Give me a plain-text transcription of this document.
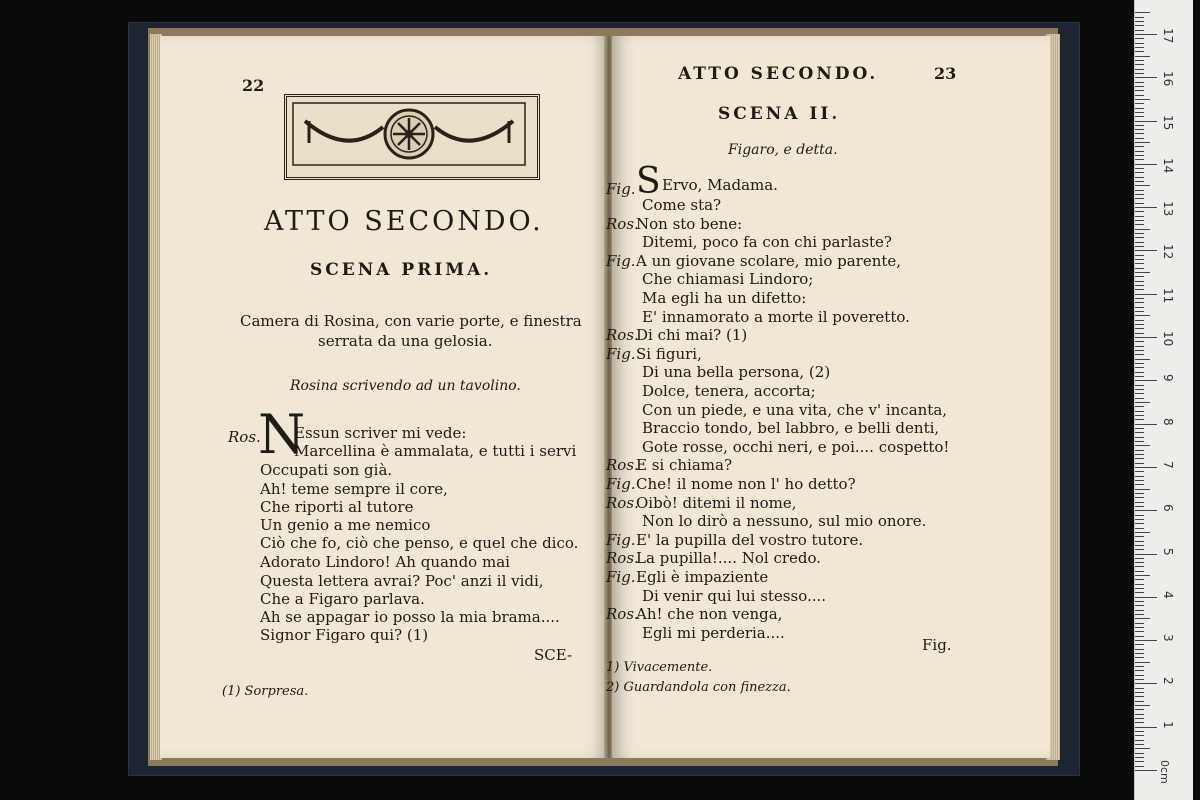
22
ATTO SECONDO.
SCENA PRIMA.
Camera di Rosina, con varie porte, e finestra
serrata da una gelosia.
Rosina scrivendo ad un tavolino.
Ros.
N
Essun scriver mi vede:
Marcellina è ammalata, e tutti i servi
Occupati son già.
Ah! teme sempre il core,
Che riporti al tutore
Un genio a me nemico
Ciò che fo, ciò che penso, e quel che dico.
Adorato Lindoro! Ah quando mai
Questa lettera avrai? Poc' anzi il vidi,
Che a Figaro parlava.
Ah se appagar io posso la mia brama....
Signor Figaro qui? (1)
SCE-
(1) Sorpresa.
ATTO SECONDO.	23
SCENA II.
Figaro, e detta.
Fig. S Ervo, Madama.
Come sta?
Ros.
Non sto bene:
Ditemi, poco fa con chi parlaste?
Fig. A un giovane scolare, mio parente,
Che chiamasi Lindoro;
Ma egli ha un difetto:
E' innamorato a morte il poveretto.
Ros.
Di chi mai? (1)
Fig. Si figuri,
Di una bella persona, (2)
Dolce, tenera, accorta;
Con un piede, e una vita, che v' incanta,
Braccio tondo, bel labbro, e belli denti,
Gote rosse, occhi neri, e poi.... cospetto!
Ros.
E si chiama?
Fig. Che! il nome non l' ho detto?
Ros.
Oibò! ditemi il nome,
Non lo dirò a nessuno, sul mio onore.
Fig. E' la pupilla del vostro tutore.
Ros.
La pupilla!.... Nol credo.
Fig. Egli è impaziente
Di venir qui lui stesso....
Ros.
Ah! che non venga,
Egli mi perderia....
Fig.
1) Vivacemente.
2) Guardandola con finezza.
0cm
17
16
15
14
13
12
11
10
9
8
7
6
5
4
3
2
1
